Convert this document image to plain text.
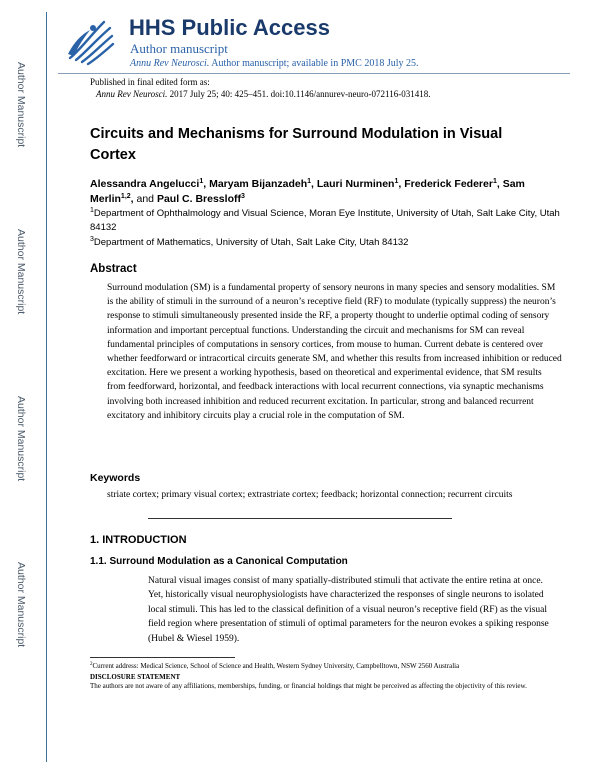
Author Manuscript
Author Manuscript
Author Manuscript
Author Manuscript
HHS Public Access
Author manuscript
Annu Rev Neurosci. Author manuscript; available in PMC 2018 July 25.
Published in final edited form as:
Annu Rev Neurosci. 2017 July 25; 40: 425–451. doi:10.1146/annurev-neuro-072116-031418.
Circuits and Mechanisms for Surround Modulation in Visual Cortex
Alessandra Angelucci$^1$, Maryam Bijanzadeh$^1$, Lauri Nurminen$^1$, Frederick Federer$^1$, Sam Merlin$^{1,2}$, and Paul C. Bressloff$^3$
$^1$Department of Ophthalmology and Visual Science, Moran Eye Institute, University of Utah, Salt Lake City, Utah 84132
$^3$Department of Mathematics, University of Utah, Salt Lake City, Utah 84132
Abstract
Surround modulation (SM) is a fundamental property of sensory neurons in many species and sensory modalities. SM is the ability of stimuli in the surround of a neuron’s receptive field (RF) to modulate (typically suppress) the neuron’s response to stimuli simultaneously presented inside the RF, a property thought to underlie optimal coding of sensory information and important perceptual functions. Understanding the circuit and mechanisms for SM can reveal fundamental principles of computations in sensory cortices, from mouse to human. Current debate is centered over whether feedforward or intracortical circuits generate SM, and whether this results from increased inhibition or reduced excitation. Here we present a working hypothesis, based on theoretical and experimental evidence, that SM results from feedforward, horizontal, and feedback interactions with local recurrent connections, via synaptic mechanisms involving both increased inhibition and reduced recurrent excitation. In particular, strong and balanced recurrent excitatory and inhibitory circuits play a crucial role in the computation of SM.
Keywords
striate cortex; primary visual cortex; extrastriate cortex; feedback; horizontal connection; recurrent circuits
1. INTRODUCTION
1.1. Surround Modulation as a Canonical Computation
Natural visual images consist of many spatially-distributed stimuli that activate the entire retina at once. Yet, historically visual neurophysiologists have characterized the responses of single neurons to isolated local stimuli. This has led to the classical definition of a visual neuron’s receptive field (RF) as the visual field region where presentation of stimuli of optimal parameters for the neuron evokes a spiking response (Hubel & Wiesel 1959).
$^2$Current address: Medical Science, School of Science and Health, Western Sydney University, Campbelltown, NSW 2560 Australia
DISCLOSURE STATEMENT
The authors are not aware of any affiliations, memberships, funding, or financial holdings that might be perceived as affecting the objectivity of this review.
